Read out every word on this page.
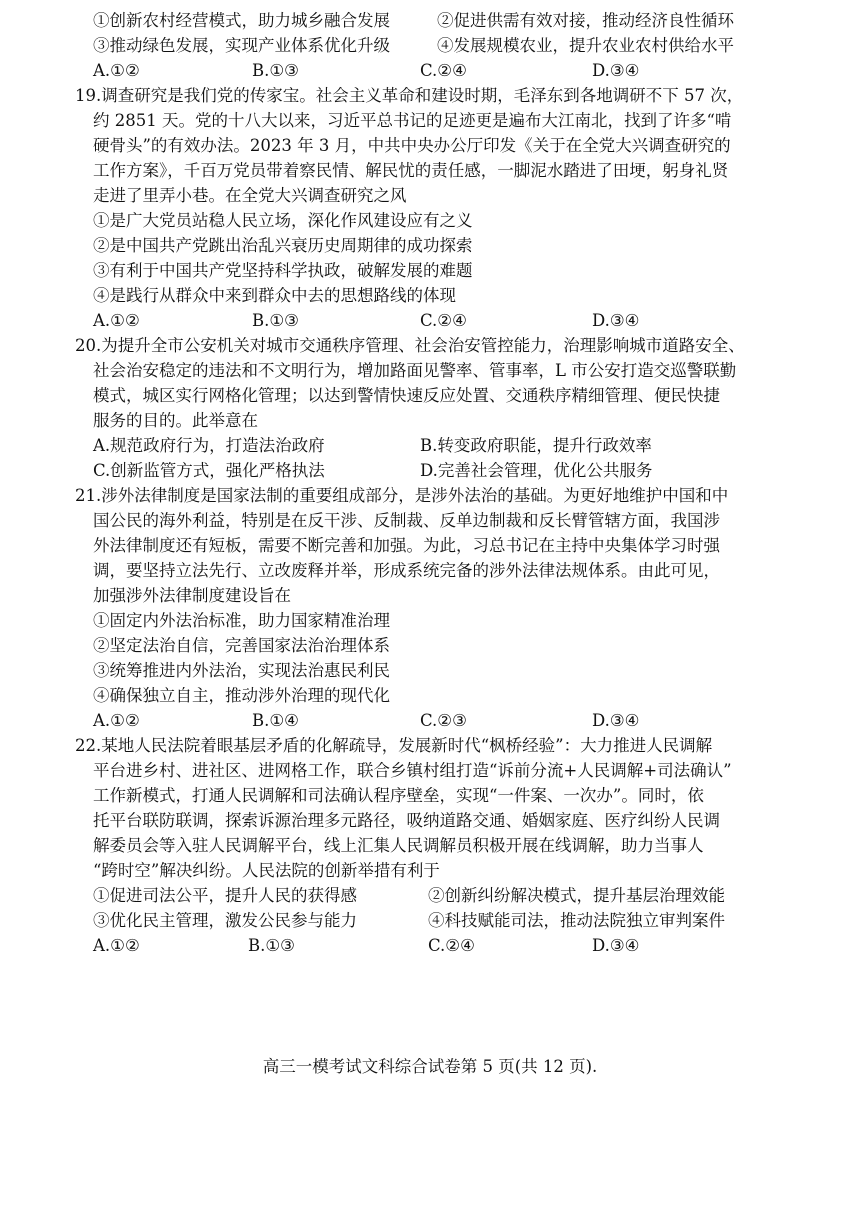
①创新农村经营模式，助力城乡融合发展	②促进供需有效对接，推动经济良性循环
③推动绿色发展，实现产业体系优化升级	④发展规模农业，提升农业农村供给水平
A.①②	B.①③	C.②④	D.③④
19.调查研究是我们党的传家宝。社会主义革命和建设时期，毛泽东到各地调研不下 57 次，
约 2851 天。党的十八大以来，习近平总书记的足迹更是遍布大江南北，找到了许多“啃
硬骨头”的有效办法。2023 年 3 月，中共中央办公厅印发《关于在全党大兴调查研究的
工作方案》，千百万党员带着察民情、解民忧的责任感，一脚泥水踏进了田埂，躬身礼贤
走进了里弄小巷。在全党大兴调查研究之风
①是广大党员站稳人民立场，深化作风建设应有之义
②是中国共产党跳出治乱兴衰历史周期律的成功探索
③有利于中国共产党坚持科学执政，破解发展的难题
④是践行从群众中来到群众中去的思想路线的体现
A.①②	B.①③	C.②④	D.③④
20.为提升全市公安机关对城市交通秩序管理、社会治安管控能力，治理影响城市道路安全、
社会治安稳定的违法和不文明行为，增加路面见警率、管事率，L 市公安打造交巡警联勤
模式，城区实行网格化管理；以达到警情快速反应处置、交通秩序精细管理、便民快捷
服务的目的。此举意在
A.规范政府行为，打造法治政府	B.转变政府职能，提升行政效率
C.创新监管方式，强化严格执法	D.完善社会管理，优化公共服务
21.涉外法律制度是国家法制的重要组成部分，是涉外法治的基础。为更好地维护中国和中
国公民的海外利益，特别是在反干涉、反制裁、反单边制裁和反长臂管辖方面，我国涉
外法律制度还有短板，需要不断完善和加强。为此，习总书记在主持中央集体学习时强
调，要坚持立法先行、立改废释并举，形成系统完备的涉外法律法规体系。由此可见，
加强涉外法律制度建设旨在
①固定内外法治标准，助力国家精准治理
②坚定法治自信，完善国家法治治理体系
③统筹推进内外法治，实现法治惠民利民
④确保独立自主，推动涉外治理的现代化
A.①②	B.①④	C.②③	D.③④
22.某地人民法院着眼基层矛盾的化解疏导，发展新时代“枫桥经验”：大力推进人民调解
平台进乡村、进社区、进网格工作，联合乡镇村组打造“诉前分流+人民调解+司法确认”
工作新模式，打通人民调解和司法确认程序壁垒，实现“一件案、一次办”。同时，依
托平台联防联调，探索诉源治理多元路径，吸纳道路交通、婚姻家庭、医疗纠纷人民调
解委员会等入驻人民调解平台，线上汇集人民调解员积极开展在线调解，助力当事人
“跨时空”解决纠纷。人民法院的创新举措有利于
①促进司法公平，提升人民的获得感	②创新纠纷解决模式，提升基层治理效能
③优化民主管理，激发公民参与能力	④科技赋能司法，推动法院独立审判案件
A.①②	B.①③	C.②④	D.③④
高三一模考试文科综合试卷第 5 页(共 12 页).
